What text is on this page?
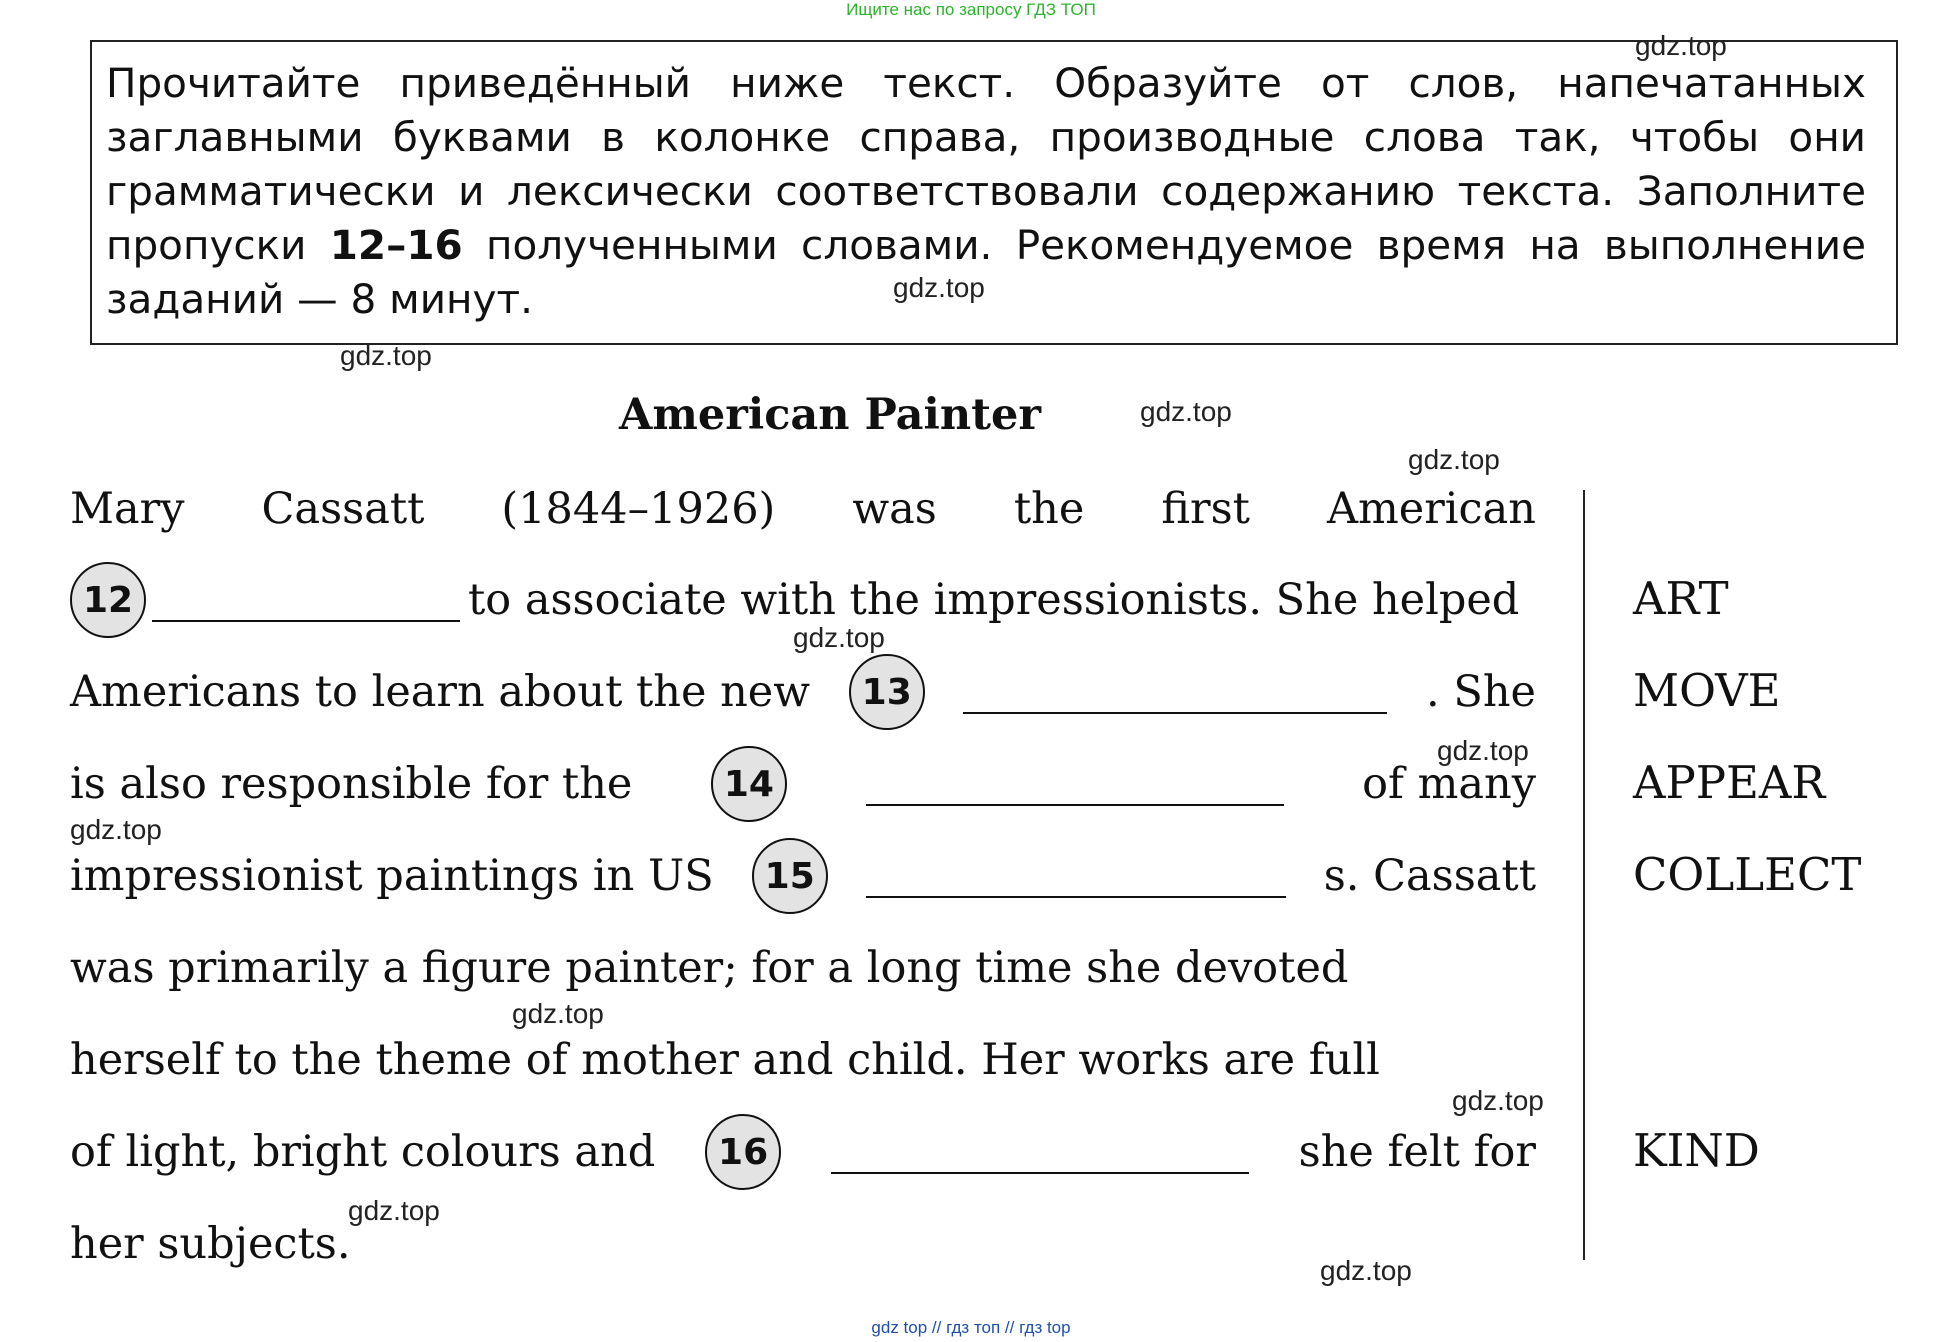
Ищите нас по запросу ГДЗ ТОП
Прочитайте приведённый ниже текст. Образуйте от слов, напечатанных заглавными буквами в колонке справа, производные слова так, чтобы они грамматически и лексически соответствовали содержанию текста. Заполните пропуски 12–16 полученными словами. Рекомендуемое время на выполнение заданий — 8 минут.
American Painter
Mary Cassatt (1844–1926) was the first American
12	to associate with the impressionists. She helped
Americans to learn about the new	13	. She
is also responsible for the	14	of many
impressionist paintings in US	15	s. Cassatt
was primarily a figure painter; for a long time she devoted
herself to the theme of mother and child. Her works are full
of light, bright colours and	16	she felt for
her subjects.
ART
MOVE
APPEAR
COLLECT
KIND
gdz.top
gdz.top
gdz.top
gdz.top
gdz.top
gdz.top
gdz.top
gdz.top
gdz.top
gdz.top
gdz.top
gdz.top
gdz top // гдз топ // гдз top
